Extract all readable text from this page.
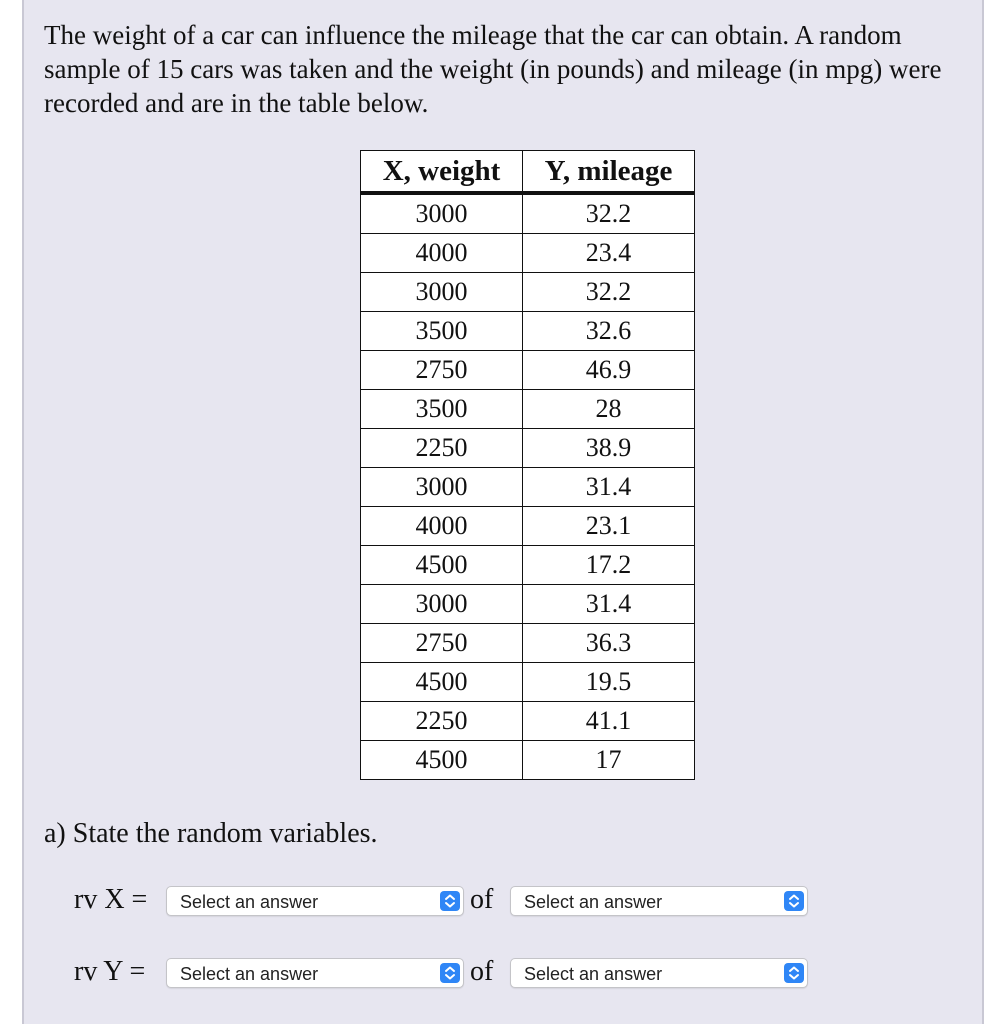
The weight of a car can influence the mileage that the car can obtain. A random sample of 15 cars was taken and the weight (in pounds) and mileage (in mpg) were recorded and are in the table below.

X, weight	Y, mileage
3000	32.2
4000	23.4
3000	32.2
3500	32.6
2750	46.9
3500	28
2250	38.9
3000	31.4
4000	23.1
4500	17.2
3000	31.4
2750	36.3
4500	19.5
2250	41.1
4500	17

a) State the random variables.

rv X = Select an answer	of Select an answer
rv Y = Select an answer	of Select an answer
